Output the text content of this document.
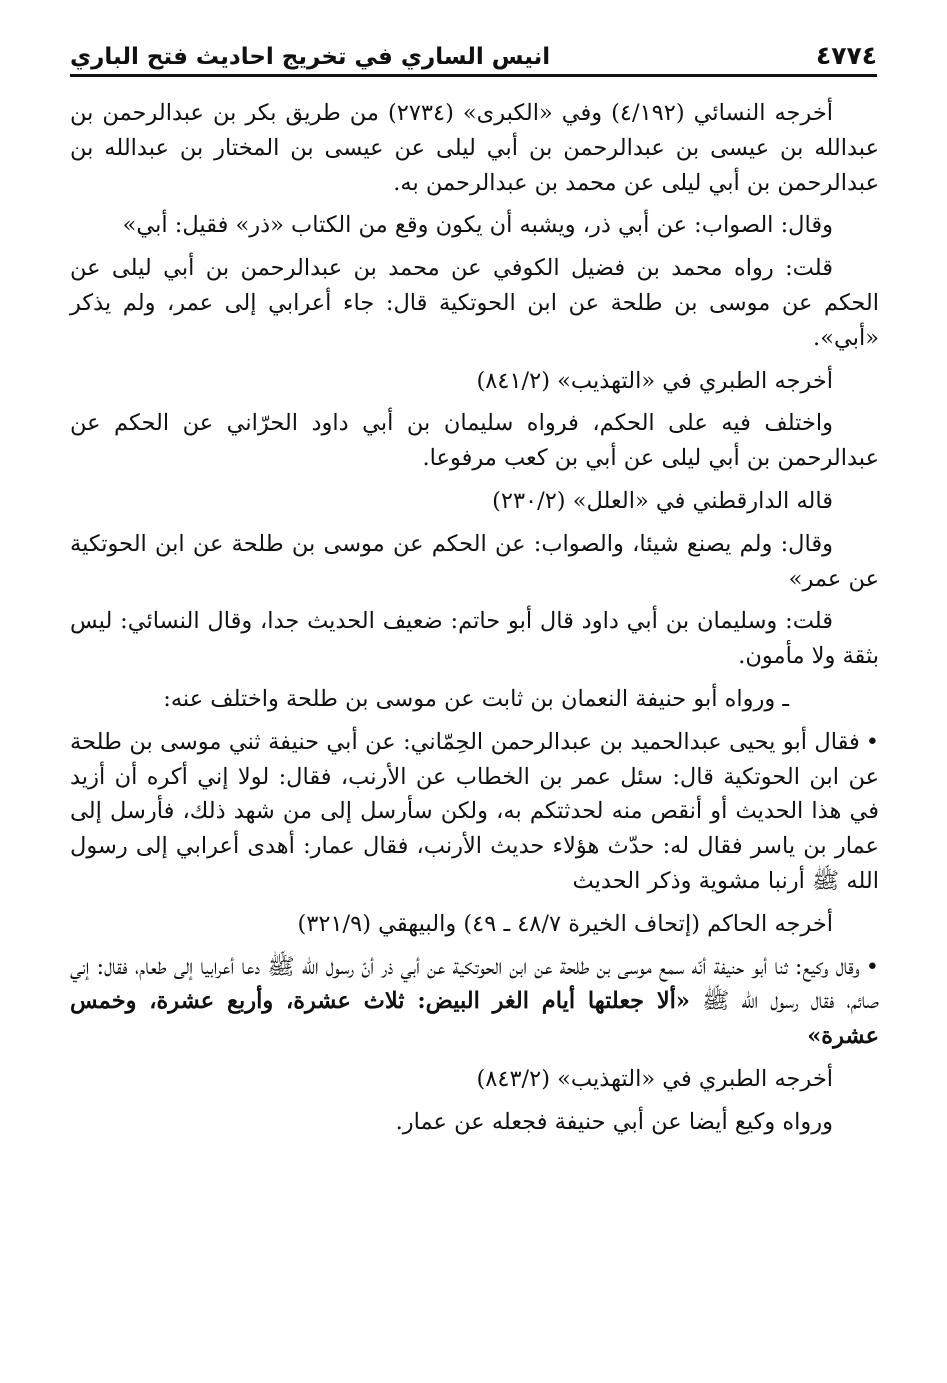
٤٧٧٤
انيس الساري في تخريج احاديث فتح الباري

أخرجه النسائي (٤/١٩٢) وفي «الكبرى» (٢٧٣٤) من طريق بكر بن عبدالرحمن بن عبدالله بن عيسى بن عبدالرحمن بن أبي ليلى عن عيسى بن المختار بن عبدالله بن عبدالرحمن بن أبي ليلى عن محمد بن عبدالرحمن به.

وقال: الصواب: عن أبي ذر، ويشبه أن يكون وقع من الكتاب «ذر» فقيل: أبي»

قلت: رواه محمد بن فضيل الكوفي عن محمد بن عبدالرحمن بن أبي ليلى عن الحكم عن موسى بن طلحة عن ابن الحوتكية قال: جاء أعرابي إلى عمر، ولم يذكر «أبي».

أخرجه الطبري في «التهذيب» (٨٤١/٢)

واختلف فيه على الحكم، فرواه سليمان بن أبي داود الحرّاني عن الحكم عن عبدالرحمن بن أبي ليلى عن أبي بن كعب مرفوعا.

قاله الدارقطني في «العلل» (٢٣٠/٢)

وقال: ولم يصنع شيئا، والصواب: عن الحكم عن موسى بن طلحة عن ابن الحوتكية عن عمر»

قلت: وسليمان بن أبي داود قال أبو حاتم: ضعيف الحديث جدا، وقال النسائي: ليس بثقة ولا مأمون.

ـ ورواه أبو حنيفة النعمان بن ثابت عن موسى بن طلحة واختلف عنه:

•فقال أبو يحيى عبدالحميد بن عبدالرحمن الحِمّاني: عن أبي حنيفة ثني موسى بن طلحة عن ابن الحوتكية قال: سئل عمر بن الخطاب عن الأرنب، فقال: لولا إني أكره أن أزيد في هذا الحديث أو أنقص منه لحدثتكم به، ولكن سأرسل إلى من شهد ذلك، فأرسل إلى عمار بن ياسر فقال له: حدّث هؤلاء حديث الأرنب، فقال عمار: أهدى أعرابي إلى رسول الله ﷺ أرنبا مشوية وذكر الحديث

أخرجه الحاكم (إتحاف الخيرة ٤٨/٧ ـ ٤٩) والبيهقي (٣٢١/٩)

•وقال وكيع: ثنا أبو حنيفة أنّه سمع موسى بن طلحة عن ابن الحوتكية عن أبي ذر أنّ رسول الله ﷺ دعا أعرابيا إلى طعام، فقال: إني صائم، فقال رسول الله ﷺ «ألا جعلتها أيام الغر البيض: ثلاث عشرة، وأربع عشرة، وخمس عشرة»

أخرجه الطبري في «التهذيب» (٨٤٣/٢)

ورواه وكيع أيضا عن أبي حنيفة فجعله عن عمار.
